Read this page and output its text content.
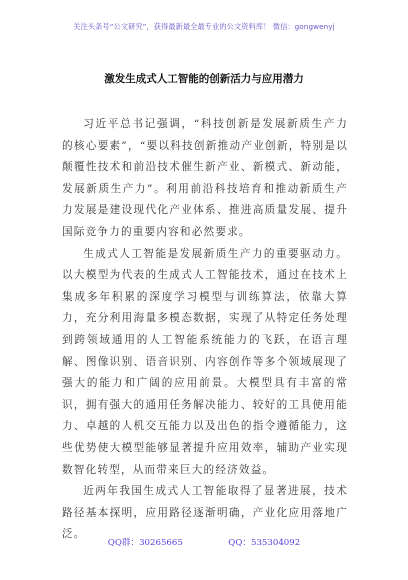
关注头条号“公文研究”，获得最新最全最专业的公文资料库！ 微信：gongwenyj
激发生成式人工智能的创新活力与应用潜力

习近平总书记强调，“科技创新是发展新质生产力的核心要素”，“要以科技创新推动产业创新，特别是以颠覆性技术和前沿技术催生新产业、新模式、新动能，发展新质生产力”。利用前沿科技培育和推动新质生产力发展是建设现代化产业体系、推进高质量发展、提升国际竞争力的重要内容和必然要求。

生成式人工智能是发展新质生产力的重要驱动力。以大模型为代表的生成式人工智能技术，通过在技术上集成多年积累的深度学习模型与训练算法，依靠大算力，充分利用海量多模态数据，实现了从特定任务处理到跨领域通用的人工智能系统能力的飞跃，在语言理解、图像识别、语音识别、内容创作等多个领域展现了强大的能力和广阔的应用前景。大模型具有丰富的常识，拥有强大的通用任务解决能力、较好的工具使用能力、卓越的人机交互能力以及出色的指令遵循能力，这些优势使大模型能够显著提升应用效率，辅助产业实现数智化转型，从而带来巨大的经济效益。

近两年我国生成式人工智能取得了显著进展，技术路径基本探明，应用路径逐渐明确，产业化应用落地广泛。

QQ群：30265665	QQ：535304092
